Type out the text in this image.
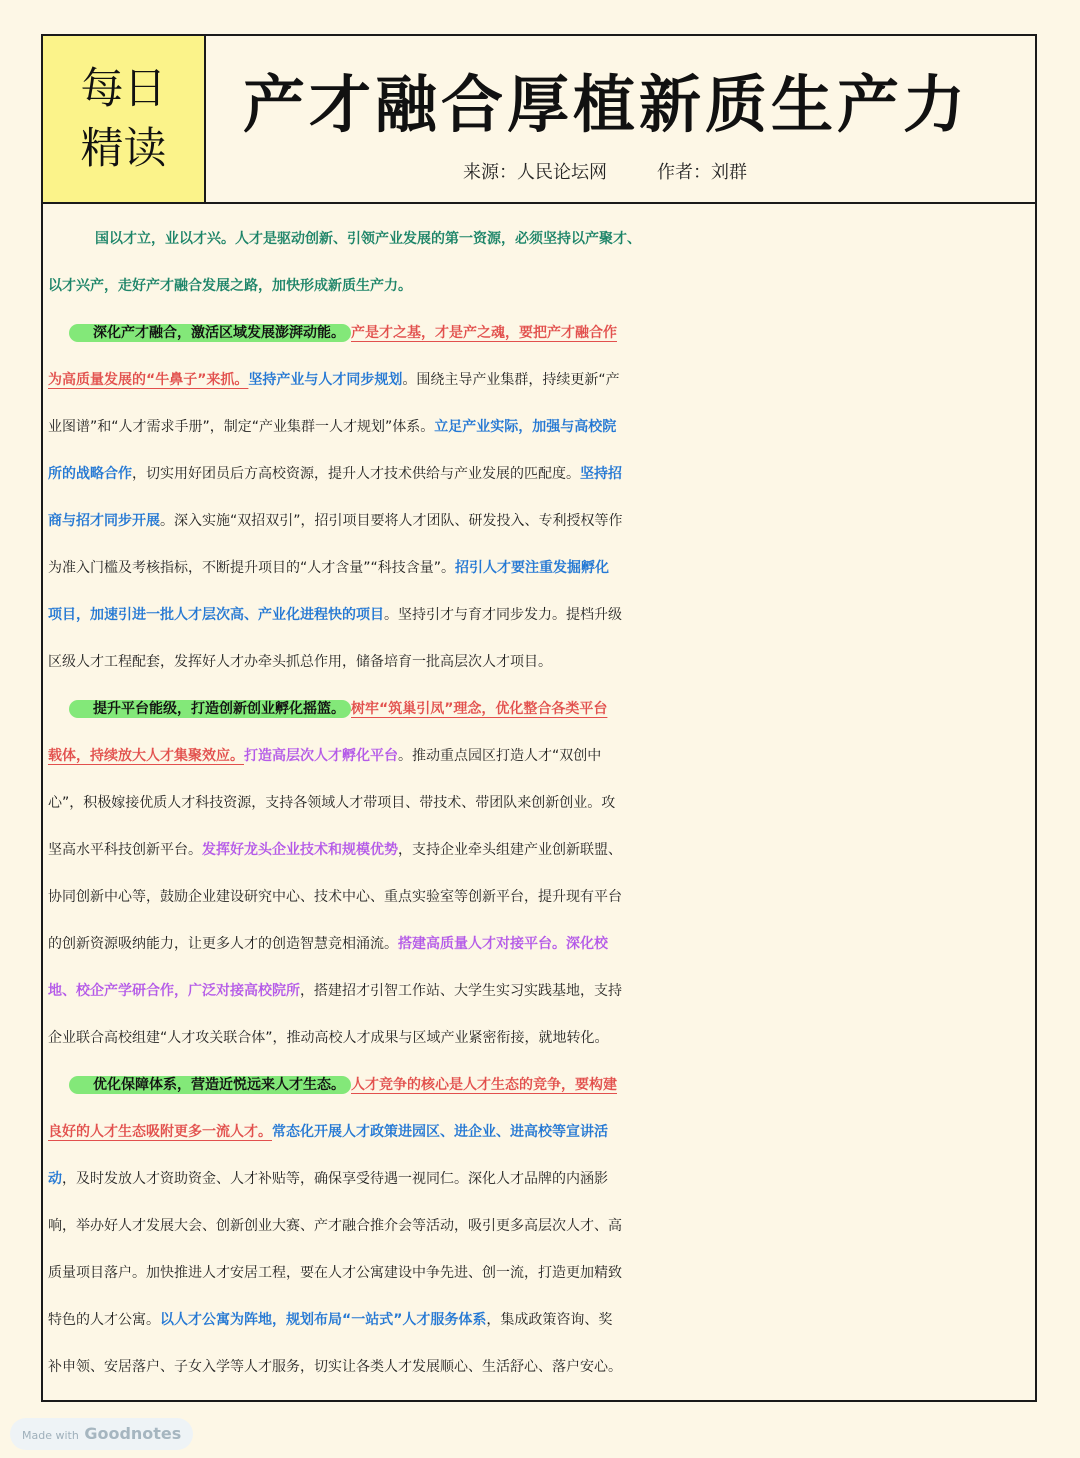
每日
精读
产才融合厚植新质生产力
来源：人民论坛网	作者：刘群
国以才立，业以才兴。人才是驱动创新、引领产业发展的第一资源，必须坚持以产聚才、
以才兴产，走好产才融合发展之路，加快形成新质生产力。
深化产才融合，激活区域发展澎湃动能。 产是才之基，才是产之魂，要把产才融合作
为高质量发展的“牛鼻子”来抓。坚持产业与人才同步规划。围绕主导产业集群，持续更新“产
业图谱”和“人才需求手册”，制定“产业集群一人才规划”体系。立足产业实际，加强与高校院
所的战略合作，切实用好团员后方高校资源，提升人才技术供给与产业发展的匹配度。坚持招
商与招才同步开展。深入实施“双招双引”，招引项目要将人才团队、研发投入、专利授权等作
为准入门槛及考核指标，不断提升项目的“人才含量”“科技含量”。招引人才要注重发掘孵化
项目，加速引进一批人才层次高、产业化进程快的项目。坚持引才与育才同步发力。提档升级
区级人才工程配套，发挥好人才办牵头抓总作用，储备培育一批高层次人才项目。
提升平台能级，打造创新创业孵化摇篮。 树牢“筑巢引凤”理念，优化整合各类平台
载体，持续放大人才集聚效应。打造高层次人才孵化平台。推动重点园区打造人才“双创中
心”，积极嫁接优质人才科技资源，支持各领域人才带项目、带技术、带团队来创新创业。攻
坚高水平科技创新平台。发挥好龙头企业技术和规模优势，支持企业牵头组建产业创新联盟、
协同创新中心等，鼓励企业建设研究中心、技术中心、重点实验室等创新平台，提升现有平台
的创新资源吸纳能力，让更多人才的创造智慧竞相涌流。搭建高质量人才对接平台。深化校
地、校企产学研合作，广泛对接高校院所，搭建招才引智工作站、大学生实习实践基地，支持
企业联合高校组建“人才攻关联合体”，推动高校人才成果与区域产业紧密衔接，就地转化。
优化保障体系，营造近悦远来人才生态。 人才竞争的核心是人才生态的竞争，要构建
良好的人才生态吸附更多一流人才。常态化开展人才政策进园区、进企业、进高校等宣讲活
动，及时发放人才资助资金、人才补贴等，确保享受待遇一视同仁。深化人才品牌的内涵影
响，举办好人才发展大会、创新创业大赛、产才融合推介会等活动，吸引更多高层次人才、高
质量项目落户。加快推进人才安居工程，要在人才公寓建设中争先进、创一流，打造更加精致
特色的人才公寓。以人才公寓为阵地，规划布局“一站式”人才服务体系，集成政策咨询、奖
补申领、安居落户、子女入学等人才服务，切实让各类人才发展顺心、生活舒心、落户安心。
Made with Goodnotes
